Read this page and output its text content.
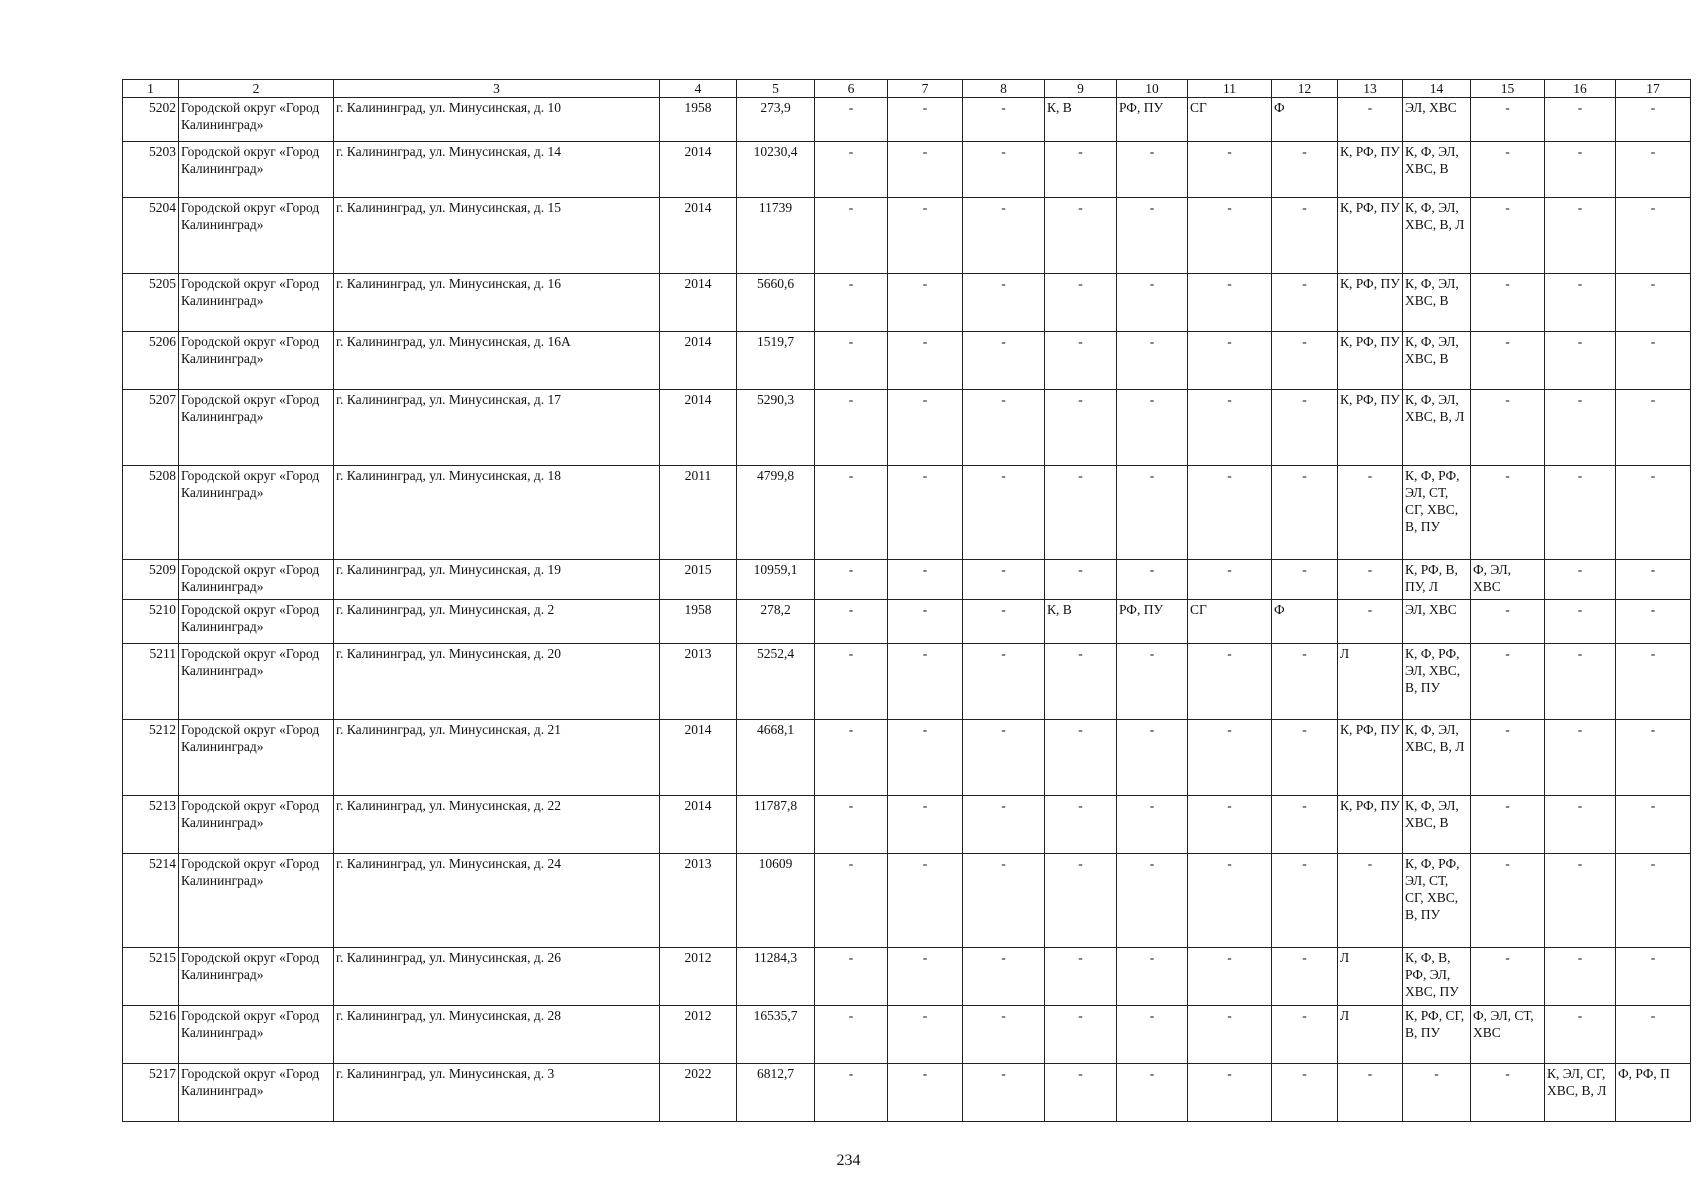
1	2	3	4	5	6	7	8	9	10	11	12	13	14	15	16	17
5202	Городской округ «Город Калининград»	г. Калининград, ул. Минусинская, д. 10	1958	273,9	-	-	-	К, В	РФ, ПУ	СГ	Ф	-	ЭЛ, ХВС	-	-	-
5203	Городской округ «Город Калининград»	г. Калининград, ул. Минусинская, д. 14	2014	10230,4	-	-	-	-	-	-	-	К, РФ, ПУ	К, Ф, ЭЛ, ХВС, В	-	-	-
5204	Городской округ «Город Калининград»	г. Калининград, ул. Минусинская, д. 15	2014	11739	-	-	-	-	-	-	-	К, РФ, ПУ	К, Ф, ЭЛ, ХВС, В, Л	-	-	-
5205	Городской округ «Город Калининград»	г. Калининград, ул. Минусинская, д. 16	2014	5660,6	-	-	-	-	-	-	-	К, РФ, ПУ	К, Ф, ЭЛ, ХВС, В	-	-	-
5206	Городской округ «Город Калининград»	г. Калининград, ул. Минусинская, д. 16А	2014	1519,7	-	-	-	-	-	-	-	К, РФ, ПУ	К, Ф, ЭЛ, ХВС, В	-	-	-
5207	Городской округ «Город Калининград»	г. Калининград, ул. Минусинская, д. 17	2014	5290,3	-	-	-	-	-	-	-	К, РФ, ПУ	К, Ф, ЭЛ, ХВС, В, Л	-	-	-
5208	Городской округ «Город Калининград»	г. Калининград, ул. Минусинская, д. 18	2011	4799,8	-	-	-	-	-	-	-	-	К, Ф, РФ, ЭЛ, СТ, СГ, ХВС, В, ПУ	-	-	-
5209	Городской округ «Город Калининград»	г. Калининград, ул. Минусинская, д. 19	2015	10959,1	-	-	-	-	-	-	-	-	К, РФ, В, ПУ, Л	Ф, ЭЛ, ХВС	-	-
5210	Городской округ «Город Калининград»	г. Калининград, ул. Минусинская, д. 2	1958	278,2	-	-	-	К, В	РФ, ПУ	СГ	Ф	-	ЭЛ, ХВС	-	-	-
5211	Городской округ «Город Калининград»	г. Калининград, ул. Минусинская, д. 20	2013	5252,4	-	-	-	-	-	-	-	Л	К, Ф, РФ, ЭЛ, ХВС, В, ПУ	-	-	-
5212	Городской округ «Город Калининград»	г. Калининград, ул. Минусинская, д. 21	2014	4668,1	-	-	-	-	-	-	-	К, РФ, ПУ	К, Ф, ЭЛ, ХВС, В, Л	-	-	-
5213	Городской округ «Город Калининград»	г. Калининград, ул. Минусинская, д. 22	2014	11787,8	-	-	-	-	-	-	-	К, РФ, ПУ	К, Ф, ЭЛ, ХВС, В	-	-	-
5214	Городской округ «Город Калининград»	г. Калининград, ул. Минусинская, д. 24	2013	10609	-	-	-	-	-	-	-	-	К, Ф, РФ, ЭЛ, СТ, СГ, ХВС, В, ПУ	-	-	-
5215	Городской округ «Город Калининград»	г. Калининград, ул. Минусинская, д. 26	2012	11284,3	-	-	-	-	-	-	-	Л	К, Ф, В, РФ, ЭЛ, ХВС, ПУ	-	-	-
5216	Городской округ «Город Калининград»	г. Калининград, ул. Минусинская, д. 28	2012	16535,7	-	-	-	-	-	-	-	Л	К, РФ, СГ, В, ПУ	Ф, ЭЛ, СТ, ХВС	-	-
5217	Городской округ «Город Калининград»	г. Калининград, ул. Минусинская, д. 3	2022	6812,7	-	-	-	-	-	-	-	-	-	-	К, ЭЛ, СГ, ХВС, В, Л	Ф, РФ, П
234
